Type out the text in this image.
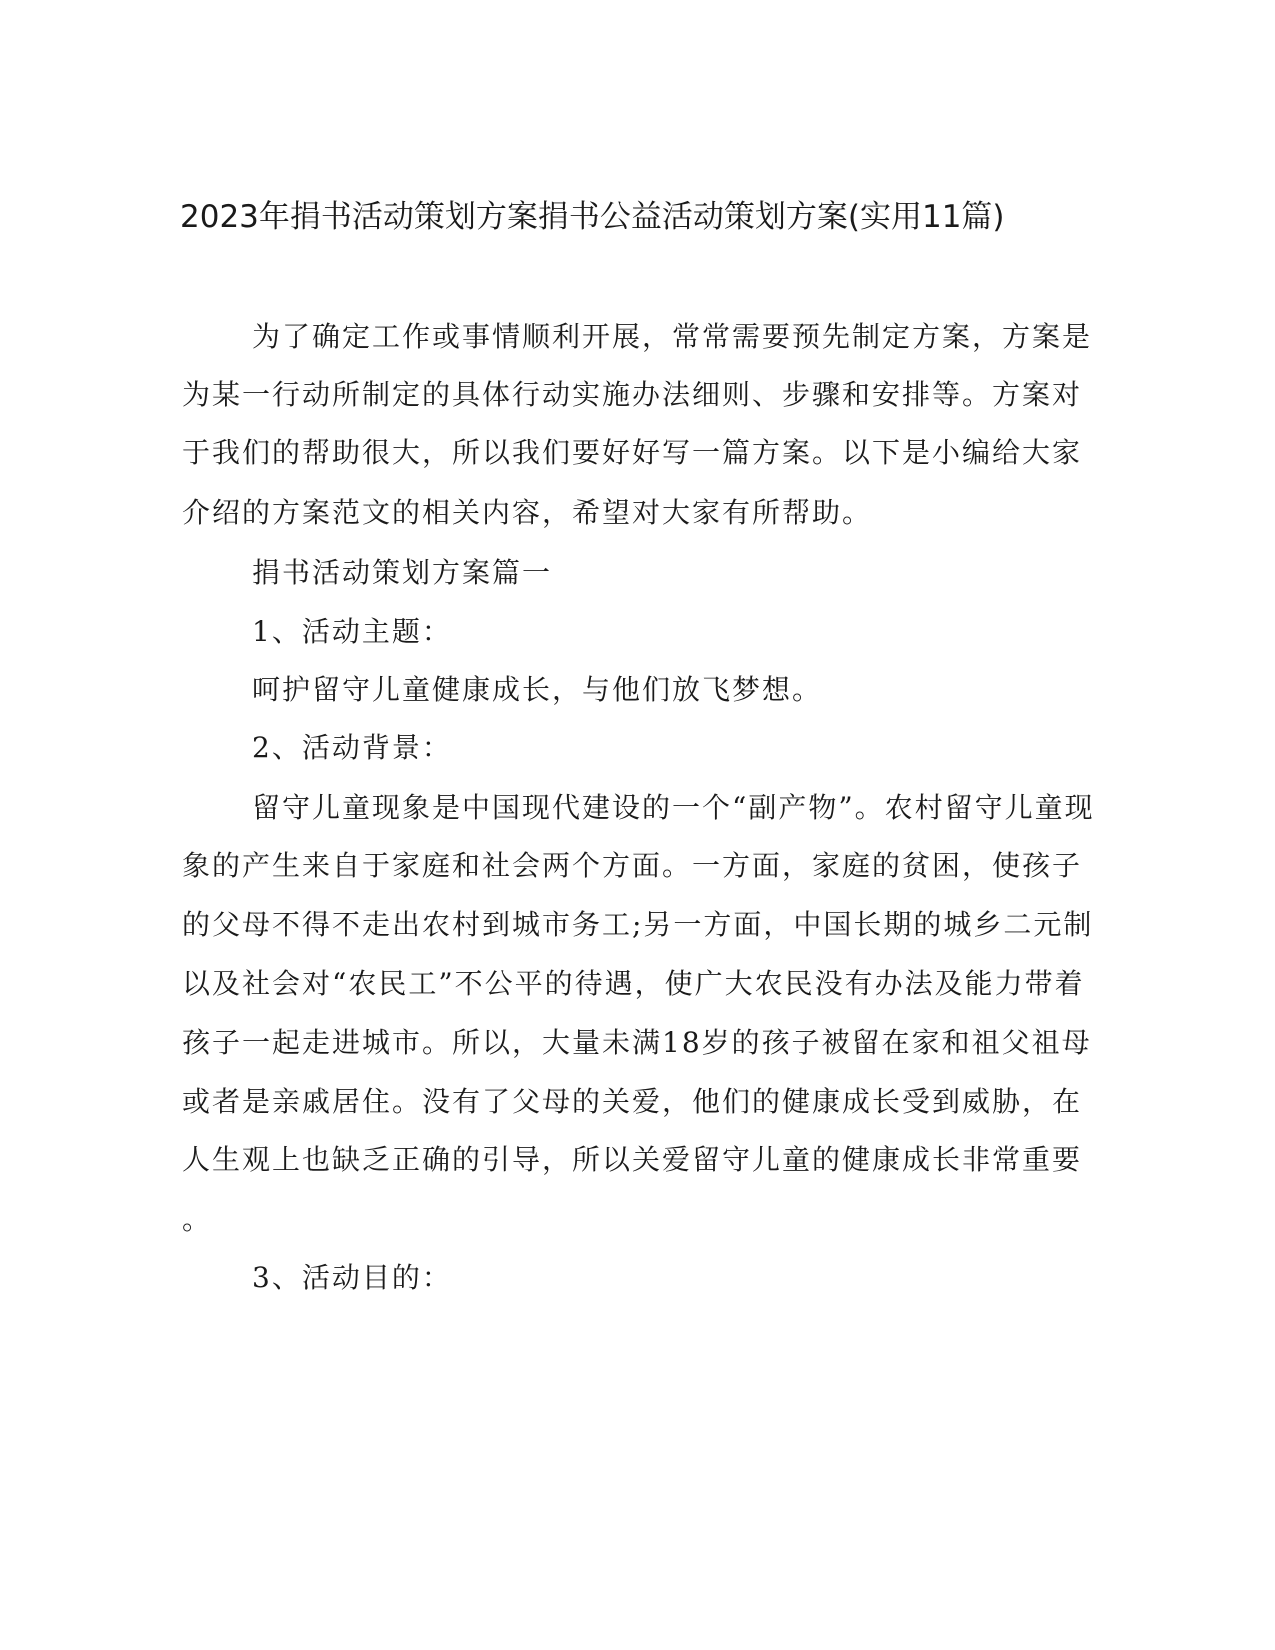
2023年捐书活动策划方案捐书公益活动策划方案(实用11篇)

为了确定工作或事情顺利开展，常常需要预先制定方案，方案是

为某一行动所制定的具体行动实施办法细则、步骤和安排等。方案对

于我们的帮助很大，所以我们要好好写一篇方案。以下是小编给大家

介绍的方案范文的相关内容，希望对大家有所帮助。

捐书活动策划方案篇一

1、活动主题：

呵护留守儿童健康成长，与他们放飞梦想。

2、活动背景：

留守儿童现象是中国现代建设的一个“副产物”。农村留守儿童现

象的产生来自于家庭和社会两个方面。一方面，家庭的贫困，使孩子

的父母不得不走出农村到城市务工;另一方面，中国长期的城乡二元制

以及社会对“农民工”不公平的待遇，使广大农民没有办法及能力带着

孩子一起走进城市。所以，大量未满18岁的孩子被留在家和祖父祖母

或者是亲戚居住。没有了父母的关爱，他们的健康成长受到威胁，在

人生观上也缺乏正确的引导，所以关爱留守儿童的健康成长非常重要

。

3、活动目的：
